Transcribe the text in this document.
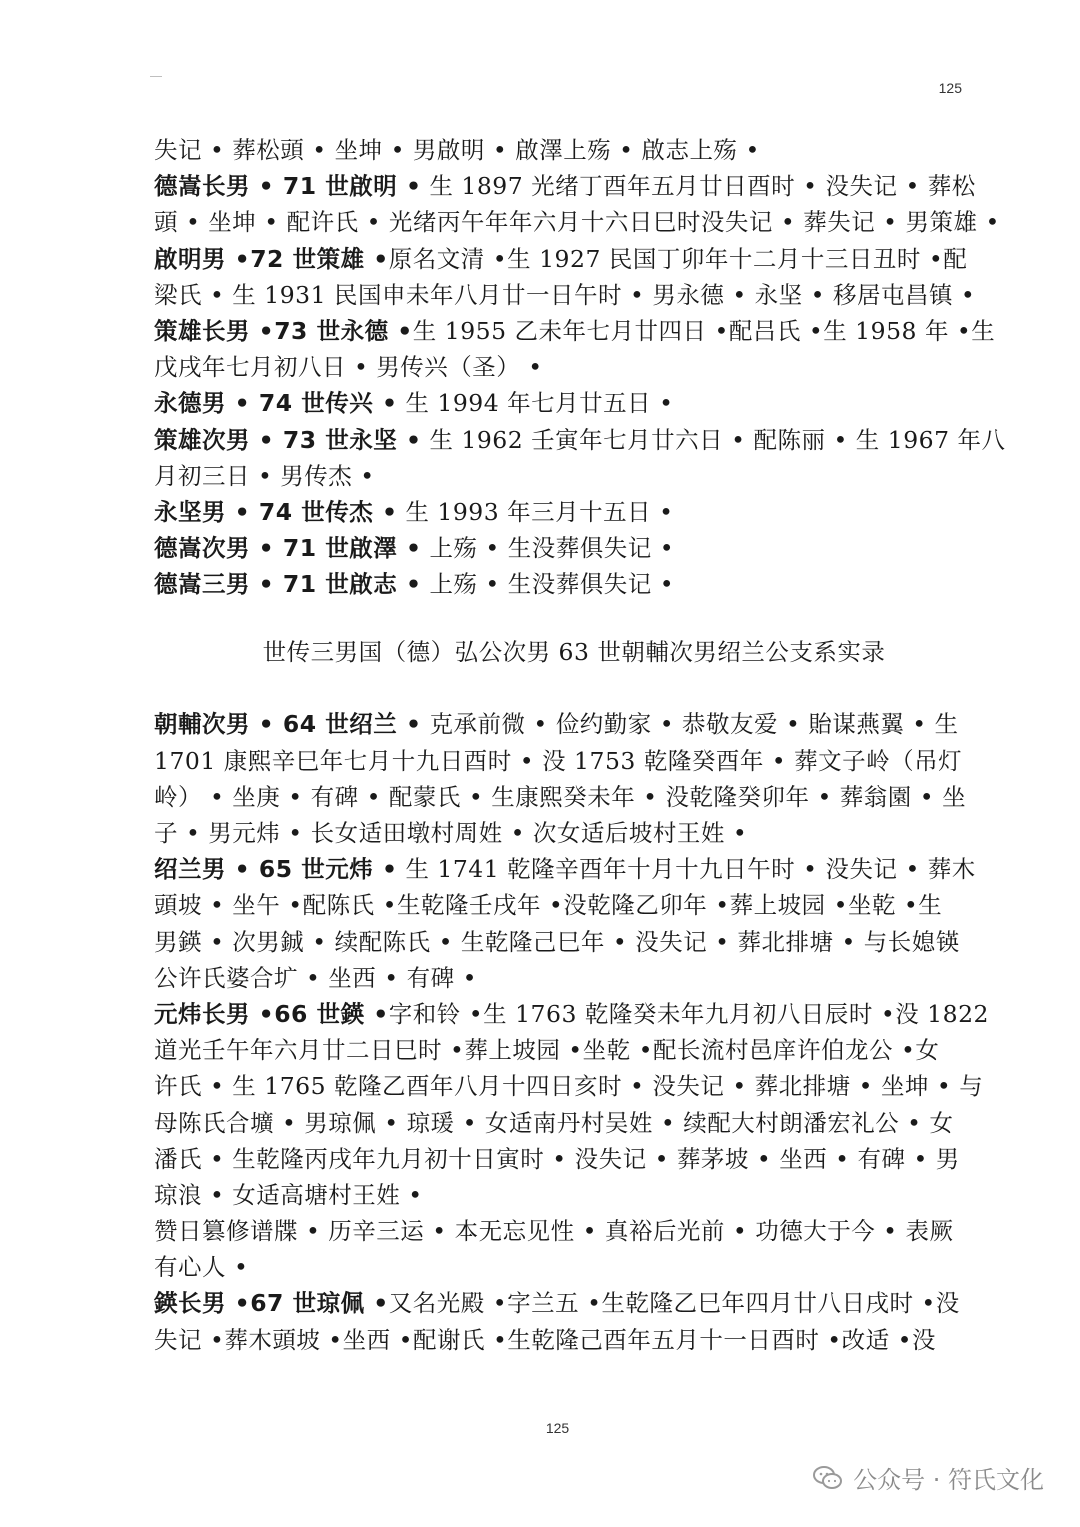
125
失记 • 葬松頭 • 坐坤 • 男啟明 • 啟澤上殇 • 啟志上殇 •
德嵩长男 • 71 世啟明 • 生 1897 光绪丁酉年五月廿日酉时 • 没失记 • 葬松
頭 • 坐坤 • 配许氏 • 光绪丙午年年六月十六日巳时没失记 • 葬失记 • 男策雄 •
啟明男 •72 世策雄 •原名文清 •生 1927 民国丁卯年十二月十三日丑时 •配
梁氏 • 生 1931 民国申未年八月廿一日午时 • 男永德 • 永坚 • 移居屯昌镇 •
策雄长男 •73 世永德 •生 1955 乙未年七月廿四日 •配吕氏 •生 1958 年 •生
戊戌年七月初八日 • 男传兴（圣） •
永德男 • 74 世传兴 • 生 1994 年七月廿五日 •
策雄次男 • 73 世永坚 • 生 1962 壬寅年七月廿六日 • 配陈丽 • 生 1967 年八
月初三日 • 男传杰 •
永坚男 • 74 世传杰 • 生 1993 年三月十五日 •
德嵩次男 • 71 世啟澤 • 上殇 • 生没葬俱失记 •
德嵩三男 • 71 世啟志 • 上殇 • 生没葬俱失记 •
世传三男国（德）弘公次男 63 世朝輔次男绍兰公支系实录
朝輔次男 • 64 世绍兰 • 克承前微 • 俭约勤家 • 恭敬友爱 • 貽谋燕翼 • 生
1701 康熙辛巳年七月十九日酉时 • 没 1753 乾隆癸酉年 • 葬文子岭（吊灯
岭） • 坐庚 • 有碑 • 配蒙氏 • 生康熙癸未年 • 没乾隆癸卯年 • 葬翁園 • 坐
子 • 男元炜 • 长女适田墩村周姓 • 次女适后坡村王姓 •
绍兰男 • 65 世元炜 • 生 1741 乾隆辛酉年十月十九日午时 • 没失记 • 葬木
頭坡 • 坐午 •配陈氏 •生乾隆壬戌年 •没乾隆乙卯年 •葬上坡园 •坐乾 •生
男鍈 • 次男鋮 • 续配陈氏 • 生乾隆己巳年 • 没失记 • 葬北排塘 • 与长媳锳
公许氏婆合圹 • 坐西 • 有碑 •
元炜长男 •66 世鍈 •字和铃 •生 1763 乾隆癸未年九月初八日辰时 •没 1822
道光壬午年六月廿二日巳时 •葬上坡园 •坐乾 •配长流村邑庠许伯龙公 •女
许氏 • 生 1765 乾隆乙酉年八月十四日亥时 • 没失记 • 葬北排塘 • 坐坤 • 与
母陈氏合壙 • 男琼佩 • 琼瑗 • 女适南丹村吴姓 • 续配大村朗潘宏礼公 • 女
潘氏 • 生乾隆丙戌年九月初十日寅时 • 没失记 • 葬茅坡 • 坐西 • 有碑 • 男
琼浪 • 女适高塘村王姓 •
赞日篡修谱牒 • 历辛三运 • 本无忘见性 • 真裕后光前 • 功德大于今 • 表厥
有心人 •
鍈长男 •67 世琼佩 •又名光殿 •字兰五 •生乾隆乙巳年四月廿八日戌时 •没
失记 •葬木頭坡 •坐西 •配谢氏 •生乾隆己酉年五月十一日酉时 •改适 •没
125
公众号 · 符氏文化
